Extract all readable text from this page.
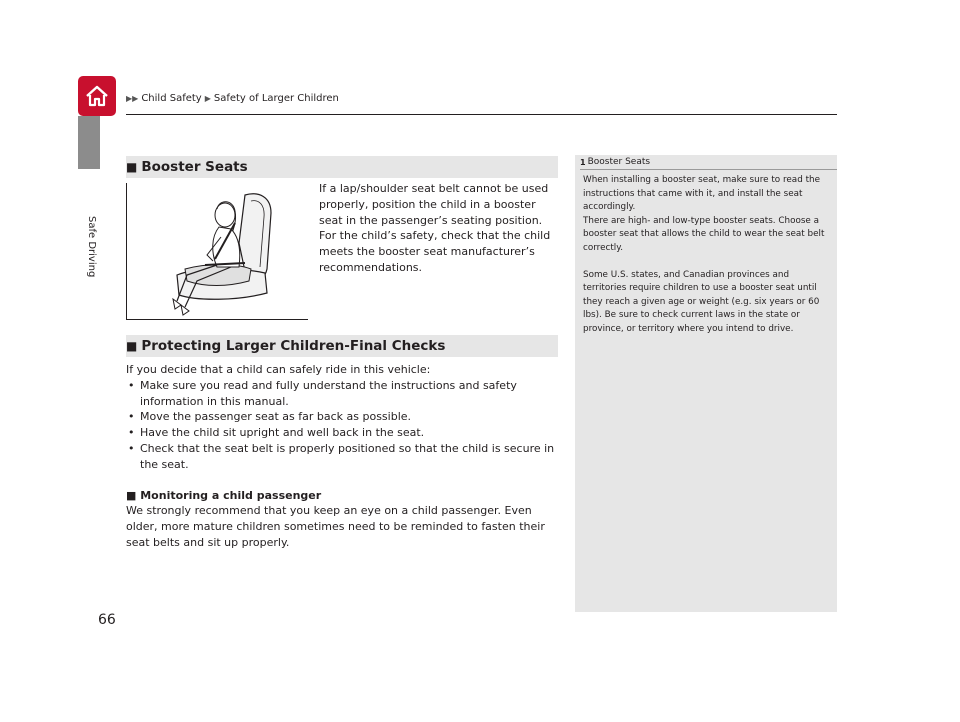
▶▶ Child Safety ▶ Safety of Larger Children
Safe Driving
■ Booster Seats
If a lap/shoulder seat belt cannot be used properly, position the child in a booster seat in the passenger’s seating position. For the child’s safety, check that the child meets the booster seat manufacturer’s recommendations.
■ Protecting Larger Children-Final Checks

If you decide that a child can safely ride in this vehicle:

• Make sure you read and fully understand the instructions and safety information in this manual.

• Move the passenger seat as far back as possible.

• Have the child sit upright and well back in the seat.

• Check that the seat belt is properly positioned so that the child is secure in the seat.

■ Monitoring a child passenger

We strongly recommend that you keep an eye on a child passenger. Even older, more mature children sometimes need to be reminded to fasten their seat belts and sit up properly.

1 Booster Seats

When installing a booster seat, make sure to read the instructions that came with it, and install the seat accordingly.

There are high- and low-type booster seats. Choose a booster seat that allows the child to wear the seat belt correctly.

Some U.S. states, and Canadian provinces and territories require children to use a booster seat until they reach a given age or weight (e.g. six years or 60 lbs). Be sure to check current laws in the state or province, or territory where you intend to drive.

66
